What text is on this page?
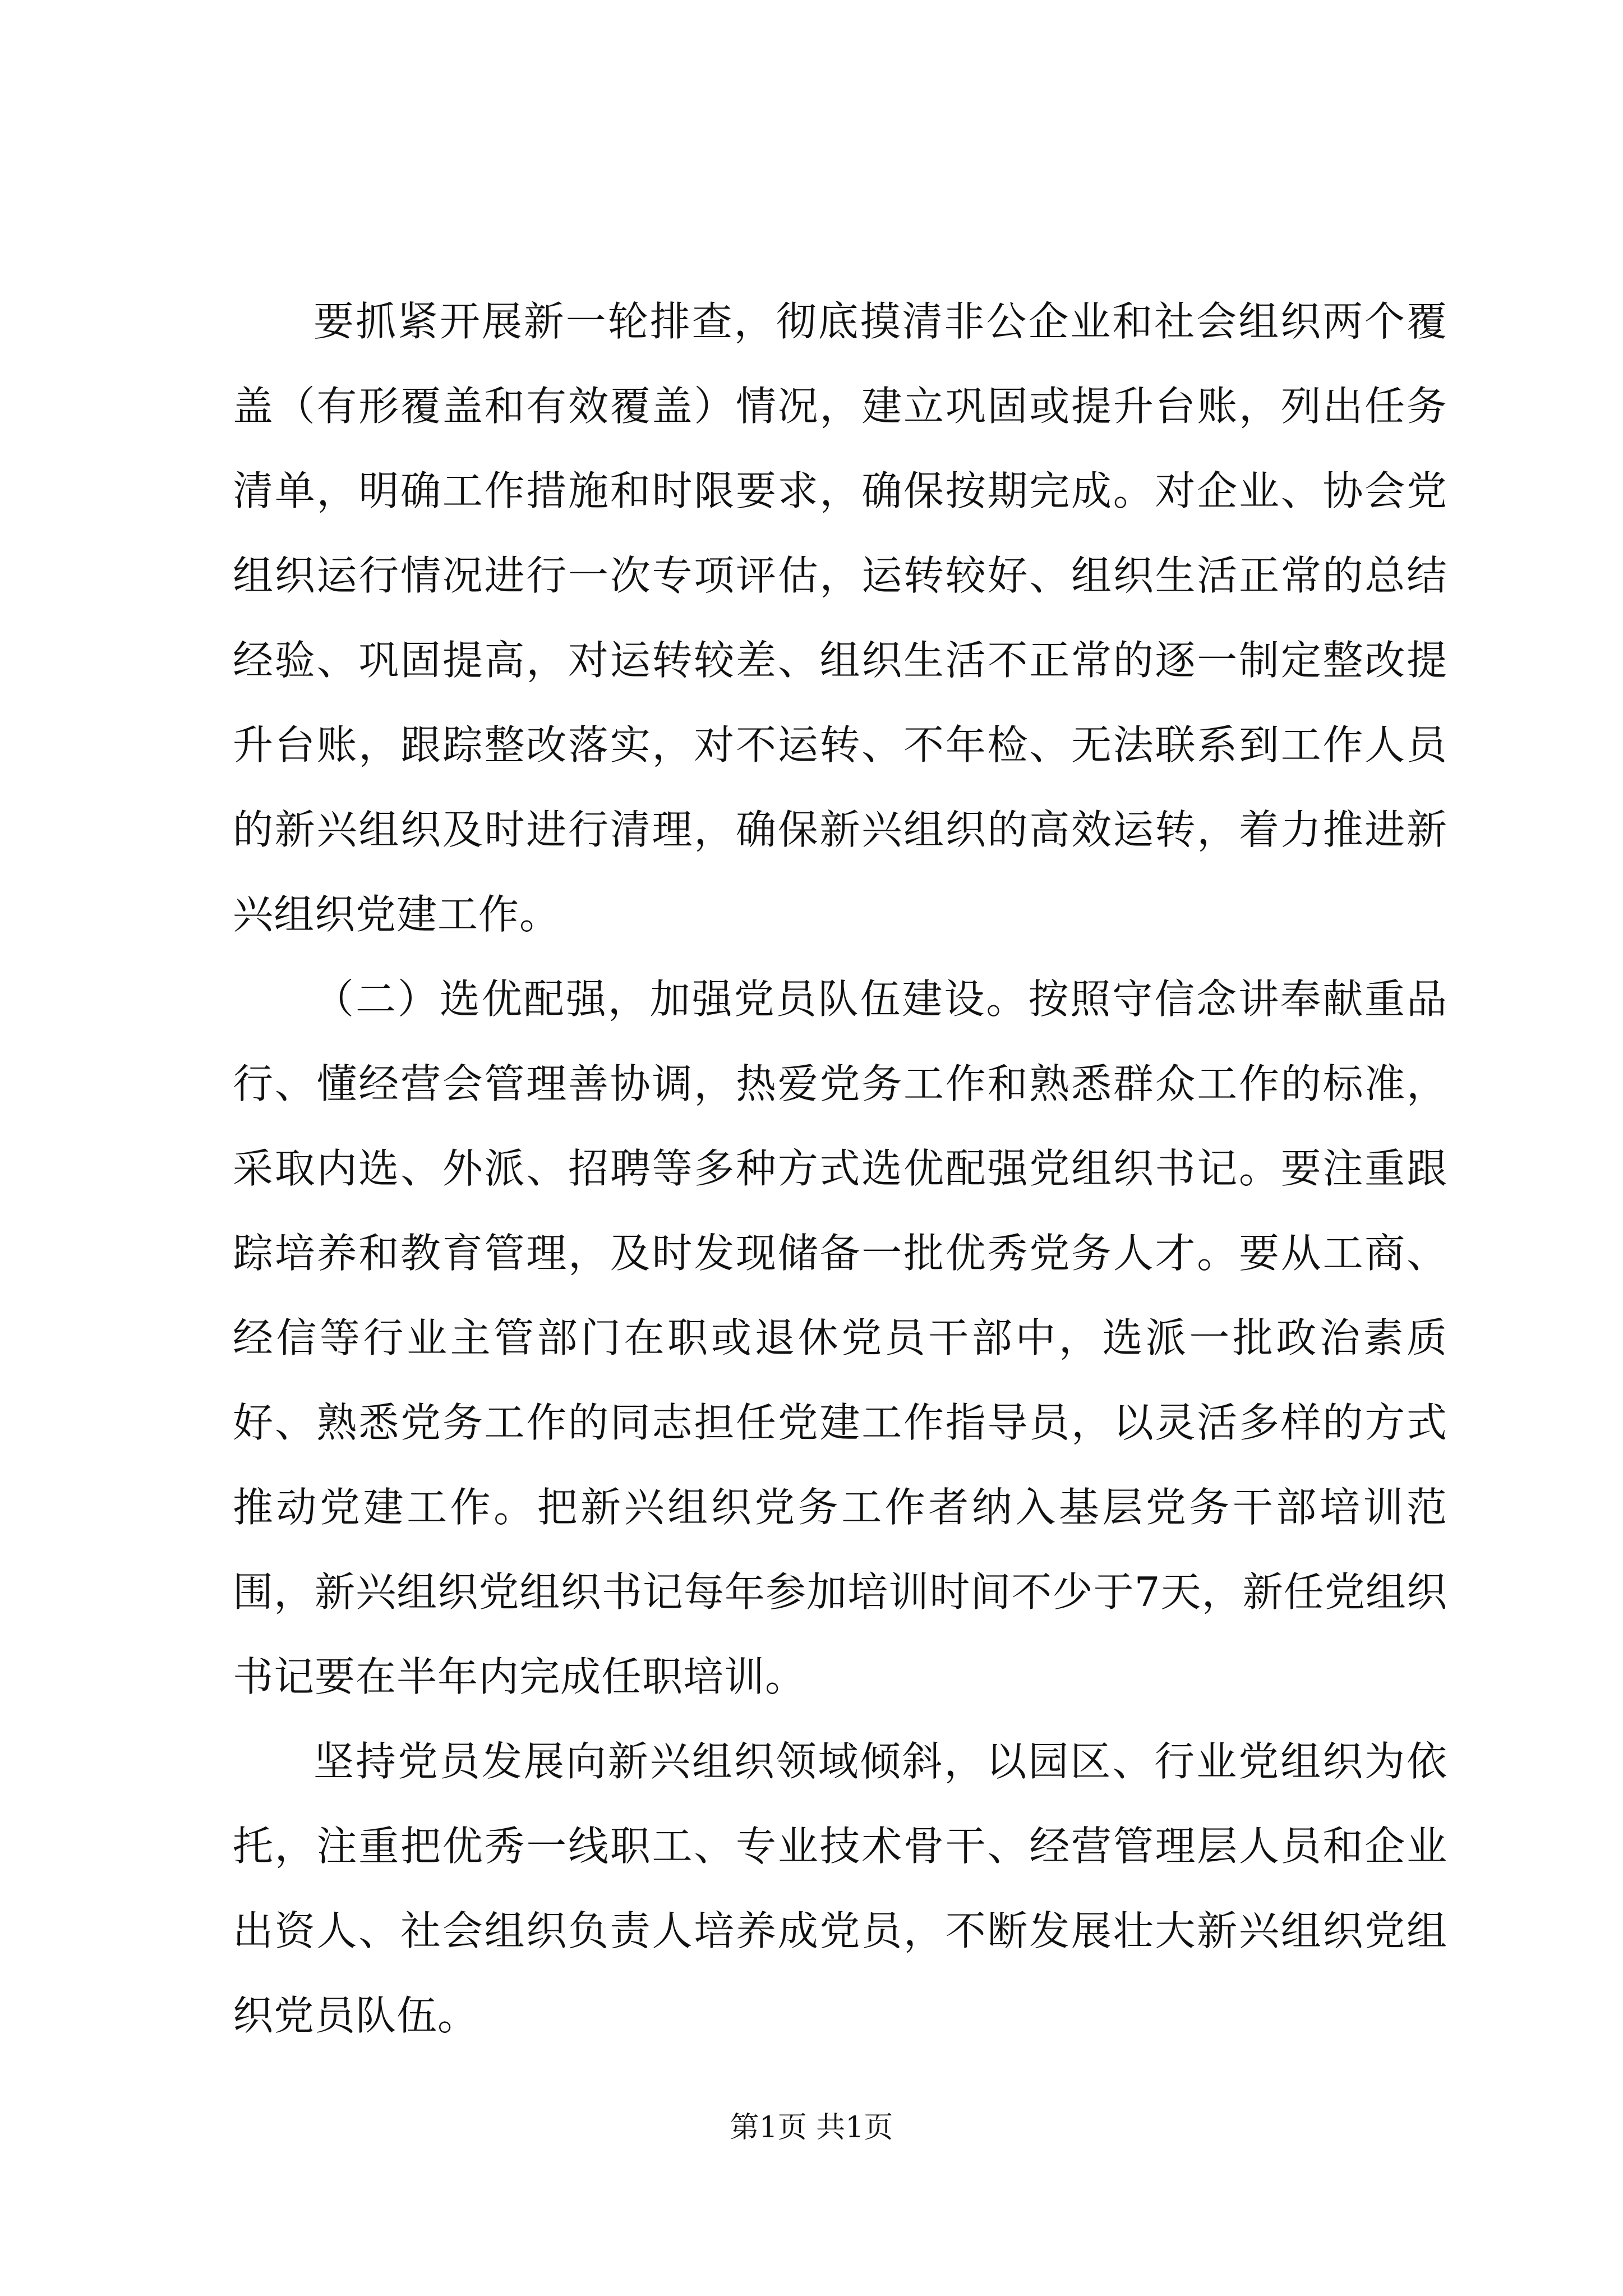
要抓紧开展新一轮排查，彻底摸清非公企业和社会组织两个覆盖（有形覆盖和有效覆盖）情况，建立巩固或提升台账，列出任务清单，明确工作措施和时限要求，确保按期完成。对企业、协会党组织运行情况进行一次专项评估，运转较好、组织生活正常的总结经验、巩固提高，对运转较差、组织生活不正常的逐一制定整改提升台账，跟踪整改落实，对不运转、不年检、无法联系到工作人员的新兴组织及时进行清理，确保新兴组织的高效运转，着力推进新兴组织党建工作。

（二）选优配强，加强党员队伍建设。按照守信念讲奉献重品行、懂经营会管理善协调，热爱党务工作和熟悉群众工作的标准，采取内选、外派、招聘等多种方式选优配强党组织书记。要注重跟踪培养和教育管理，及时发现储备一批优秀党务人才。要从工商、经信等行业主管部门在职或退休党员干部中，选派一批政治素质好、熟悉党务工作的同志担任党建工作指导员，以灵活多样的方式推动党建工作。把新兴组织党务工作者纳入基层党务干部培训范围，新兴组织党组织书记每年参加培训时间不少于7天，新任党组织书记要在半年内完成任职培训。

坚持党员发展向新兴组织领域倾斜，以园区、行业党组织为依托，注重把优秀一线职工、专业技术骨干、经营管理层人员和企业出资人、社会组织负责人培养成党员，不断发展壮大新兴组织党组织党员队伍。

第1页 共1页
